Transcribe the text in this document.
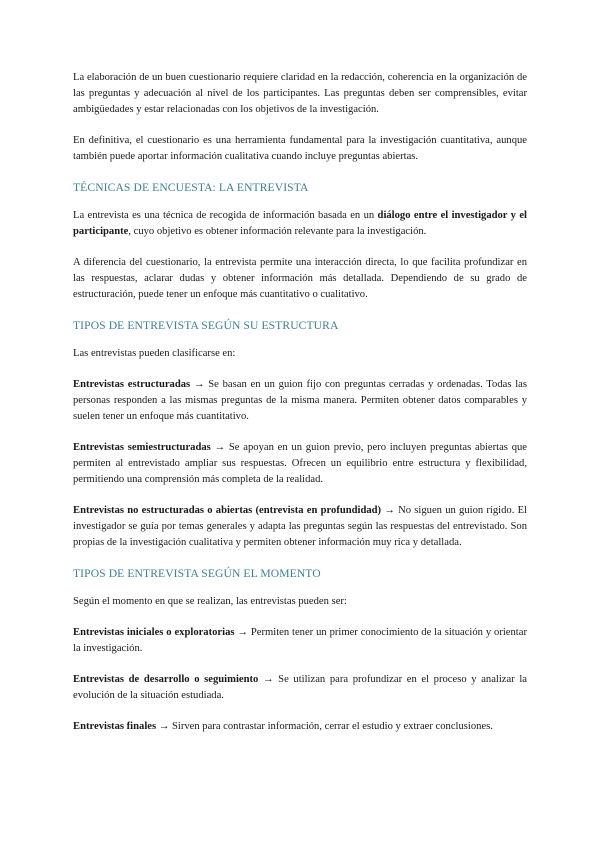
La elaboración de un buen cuestionario requiere claridad en la redacción, coherencia en la organización de las preguntas y adecuación al nivel de los participantes. Las preguntas deben ser comprensibles, evitar ambigüedades y estar relacionadas con los objetivos de la investigación.

En definitiva, el cuestionario es una herramienta fundamental para la investigación cuantitativa, aunque también puede aportar información cualitativa cuando incluye preguntas abiertas.

TÉCNICAS DE ENCUESTA: LA ENTREVISTA

La entrevista es una técnica de recogida de información basada en un diálogo entre el investigador y el participante, cuyo objetivo es obtener información relevante para la investigación.

A diferencia del cuestionario, la entrevista permite una interacción directa, lo que facilita profundizar en las respuestas, aclarar dudas y obtener información más detallada. Dependiendo de su grado de estructuración, puede tener un enfoque más cuantitativo o cualitativo.

TIPOS DE ENTREVISTA SEGÚN SU ESTRUCTURA

Las entrevistas pueden clasificarse en:

Entrevistas estructuradas → Se basan en un guion fijo con preguntas cerradas y ordenadas. Todas las personas responden a las mismas preguntas de la misma manera. Permiten obtener datos comparables y suelen tener un enfoque más cuantitativo.

Entrevistas semiestructuradas → Se apoyan en un guion previo, pero incluyen preguntas abiertas que permiten al entrevistado ampliar sus respuestas. Ofrecen un equilibrio entre estructura y flexibilidad, permitiendo una comprensión más completa de la realidad.

Entrevistas no estructuradas o abiertas (entrevista en profundidad) → No siguen un guion rígido. El investigador se guía por temas generales y adapta las preguntas según las respuestas del entrevistado. Son propias de la investigación cualitativa y permiten obtener información muy rica y detallada.

TIPOS DE ENTREVISTA SEGÚN EL MOMENTO

Según el momento en que se realizan, las entrevistas pueden ser:

Entrevistas iniciales o exploratorias → Permiten tener un primer conocimiento de la situación y orientar la investigación.

Entrevistas de desarrollo o seguimiento → Se utilizan para profundizar en el proceso y analizar la evolución de la situación estudiada.

Entrevistas finales → Sirven para contrastar información, cerrar el estudio y extraer conclusiones.
